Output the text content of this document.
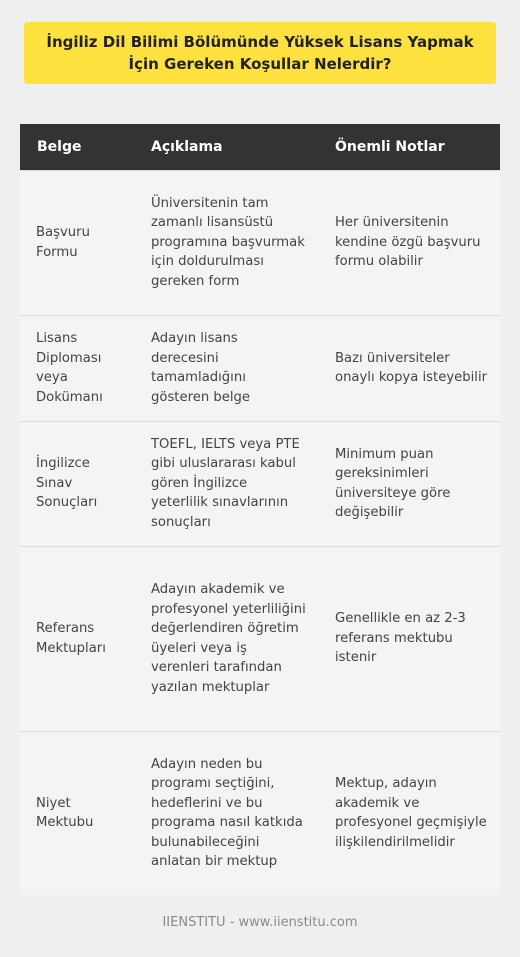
İngiliz Dil Bilimi Bölümünde Yüksek Lisans Yapmak İçin Gereken Koşullar Nelerdir?
Belge	Açıklama	Önemli Notlar
Başvuru Formu	Üniversitenin tam zamanlı lisansüstü programına başvurmak için doldurulması gereken form	Her üniversitenin kendine özgü başvuru formu olabilir
Lisans Diploması veya Dokümanı	Adayın lisans derecesini tamamladığını gösteren belge	Bazı üniversiteler onaylı kopya isteyebilir
İngilizce Sınav Sonuçları	TOEFL, IELTS veya PTE gibi uluslararası kabul gören İngilizce yeterlilik sınavlarının sonuçları	Minimum puan gereksinimleri üniversiteye göre değişebilir
Referans Mektupları	Adayın akademik ve profesyonel yeterliliğini değerlendiren öğretim üyeleri veya iş verenleri tarafından yazılan mektuplar	Genellikle en az 2-3 referans mektubu istenir
Niyet Mektubu	Adayın neden bu programı seçtiğini, hedeflerini ve bu programa nasıl katkıda bulunabileceğini anlatan bir mektup	Mektup, adayın akademik ve profesyonel geçmişiyle ilişkilendirilmelidir
IIENSTITU - www.iienstitu.com
